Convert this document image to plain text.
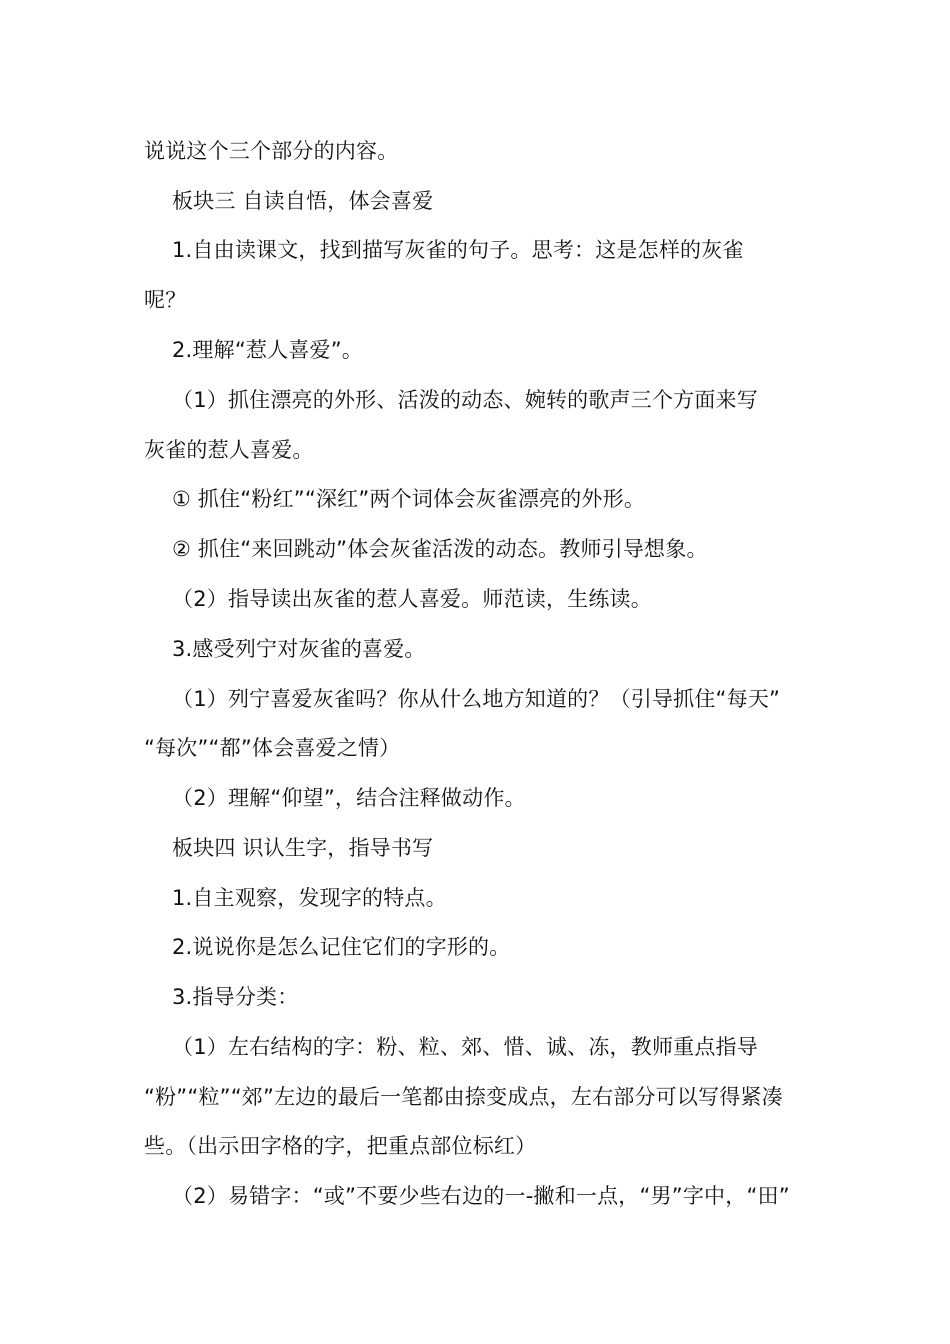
说说这个三个部分的内容。
板块三 自读自悟，体会喜爱
1.自由读课文，找到描写灰雀的句子。思考：这是怎样的灰雀
呢？
2.理解“惹人喜爱”。
（1）抓住漂亮的外形、活泼的动态、婉转的歌声三个方面来写
灰雀的惹人喜爱。
① 抓住“粉红”“深红”两个词体会灰雀漂亮的外形。
② 抓住“来回跳动”体会灰雀活泼的动态。教师引导想象。
（2）指导读出灰雀的惹人喜爱。师范读，生练读。
3.感受列宁对灰雀的喜爱。
（1）列宁喜爱灰雀吗？你从什么地方知道的？（引导抓住“每天”
“每次”“都”体会喜爱之情）
（2）理解“仰望”，结合注释做动作。
板块四 识认生字，指导书写
1.自主观察，发现字的特点。
2.说说你是怎么记住它们的字形的。
3.指导分类：
（1）左右结构的字：粉、粒、郊、惜、诚、冻，教师重点指导
“粉”“粒”“郊”左边的最后一笔都由捺变成点，左右部分可以写得紧凑
些。（出示田字格的字，把重点部位标红）
（2）易错字：“或”不要少些右边的一-撇和一点，“男”字中，“田”
